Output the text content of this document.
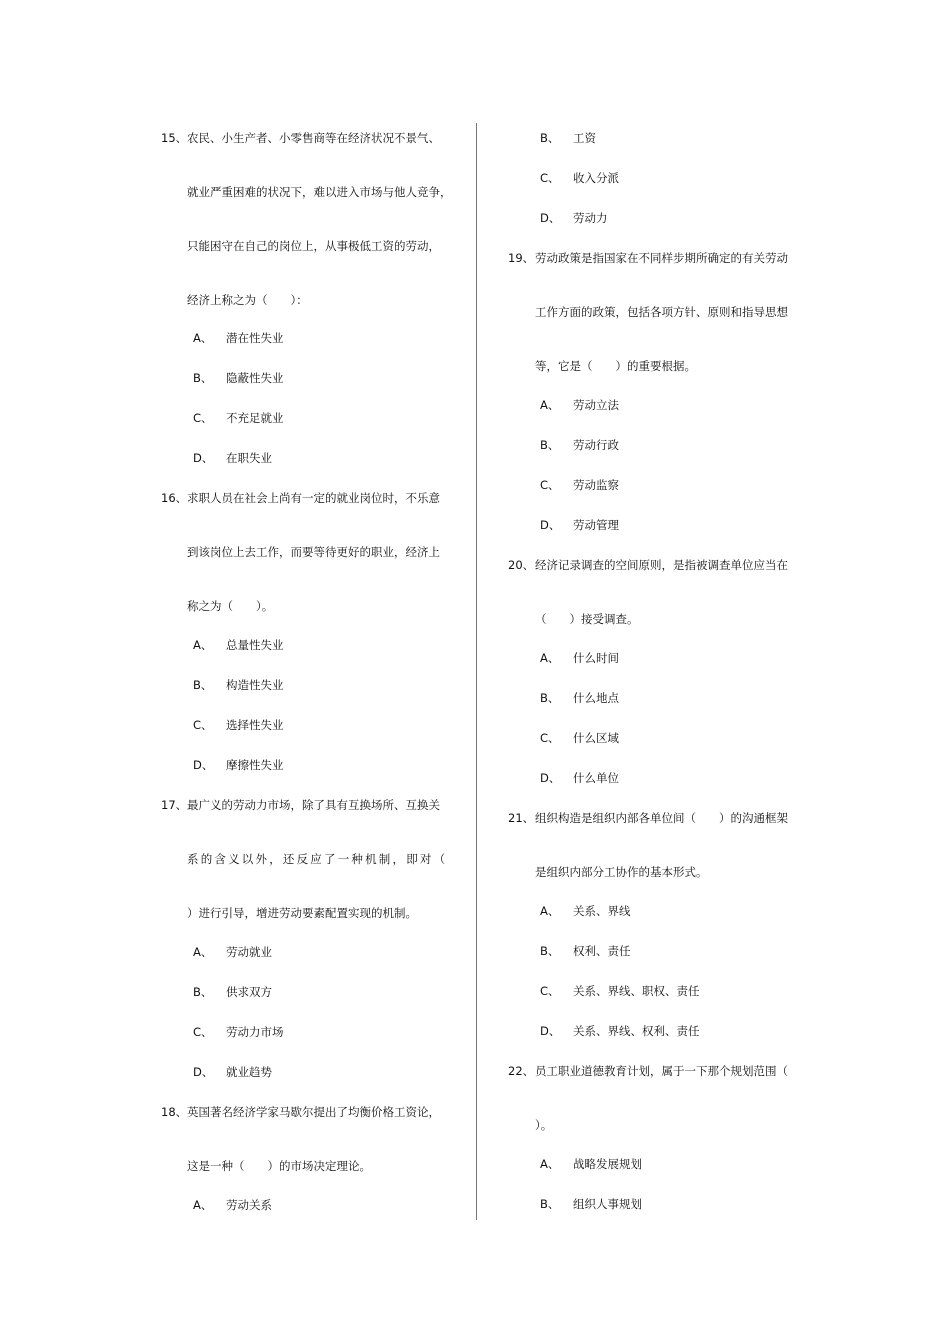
15、 农民、小生产者、小零售商等在经济状况不景气、
就业严重困难的状况下，难以进入市场与他人竞争，
只能困守在自己的岗位上，从事极低工资的劳动，
经济上称之为（　　）：
A、 潜在性失业
B、 隐蔽性失业
C、 不充足就业
D、 在职失业
16、 求职人员在社会上尚有一定的就业岗位时，不乐意
到该岗位上去工作，而要等待更好的职业，经济上
称之为（　　）。
A、 总量性失业
B、 构造性失业
C、 选择性失业
D、 摩擦性失业
17、 最广义的劳动力市场，除了具有互换场所、互换关
系的含义以外，还反应了一种机制，即对（
）进行引导，增进劳动要素配置实现的机制。
A、 劳动就业
B、 供求双方
C、 劳动力市场
D、 就业趋势
18、 英国著名经济学家马歇尔提出了均衡价格工资论，
这是一种（　　）的市场决定理论。
A、 劳动关系
B、 工资
C、 收入分派
D、 劳动力
19、 劳动政策是指国家在不同样步期所确定的有关劳动
工作方面的政策，包括各项方针、原则和指导思想
等，它是（　　）的重要根据。
A、 劳动立法
B、 劳动行政
C、 劳动监察
D、 劳动管理
20、 经济记录调查的空间原则，是指被调查单位应当在
（　　）接受调查。
A、 什么时间
B、 什么地点
C、 什么区域
D、 什么单位
21、 组织构造是组织内部各单位间（　　）的沟通框架
是组织内部分工协作的基本形式。
A、 关系、界线
B、 权利、责任
C、 关系、界线、职权、责任
D、 关系、界线、权利、责任
22、 员工职业道德教育计划，属于一下那个规划范围（
）。
A、 战略发展规划
B、 组织人事规划
